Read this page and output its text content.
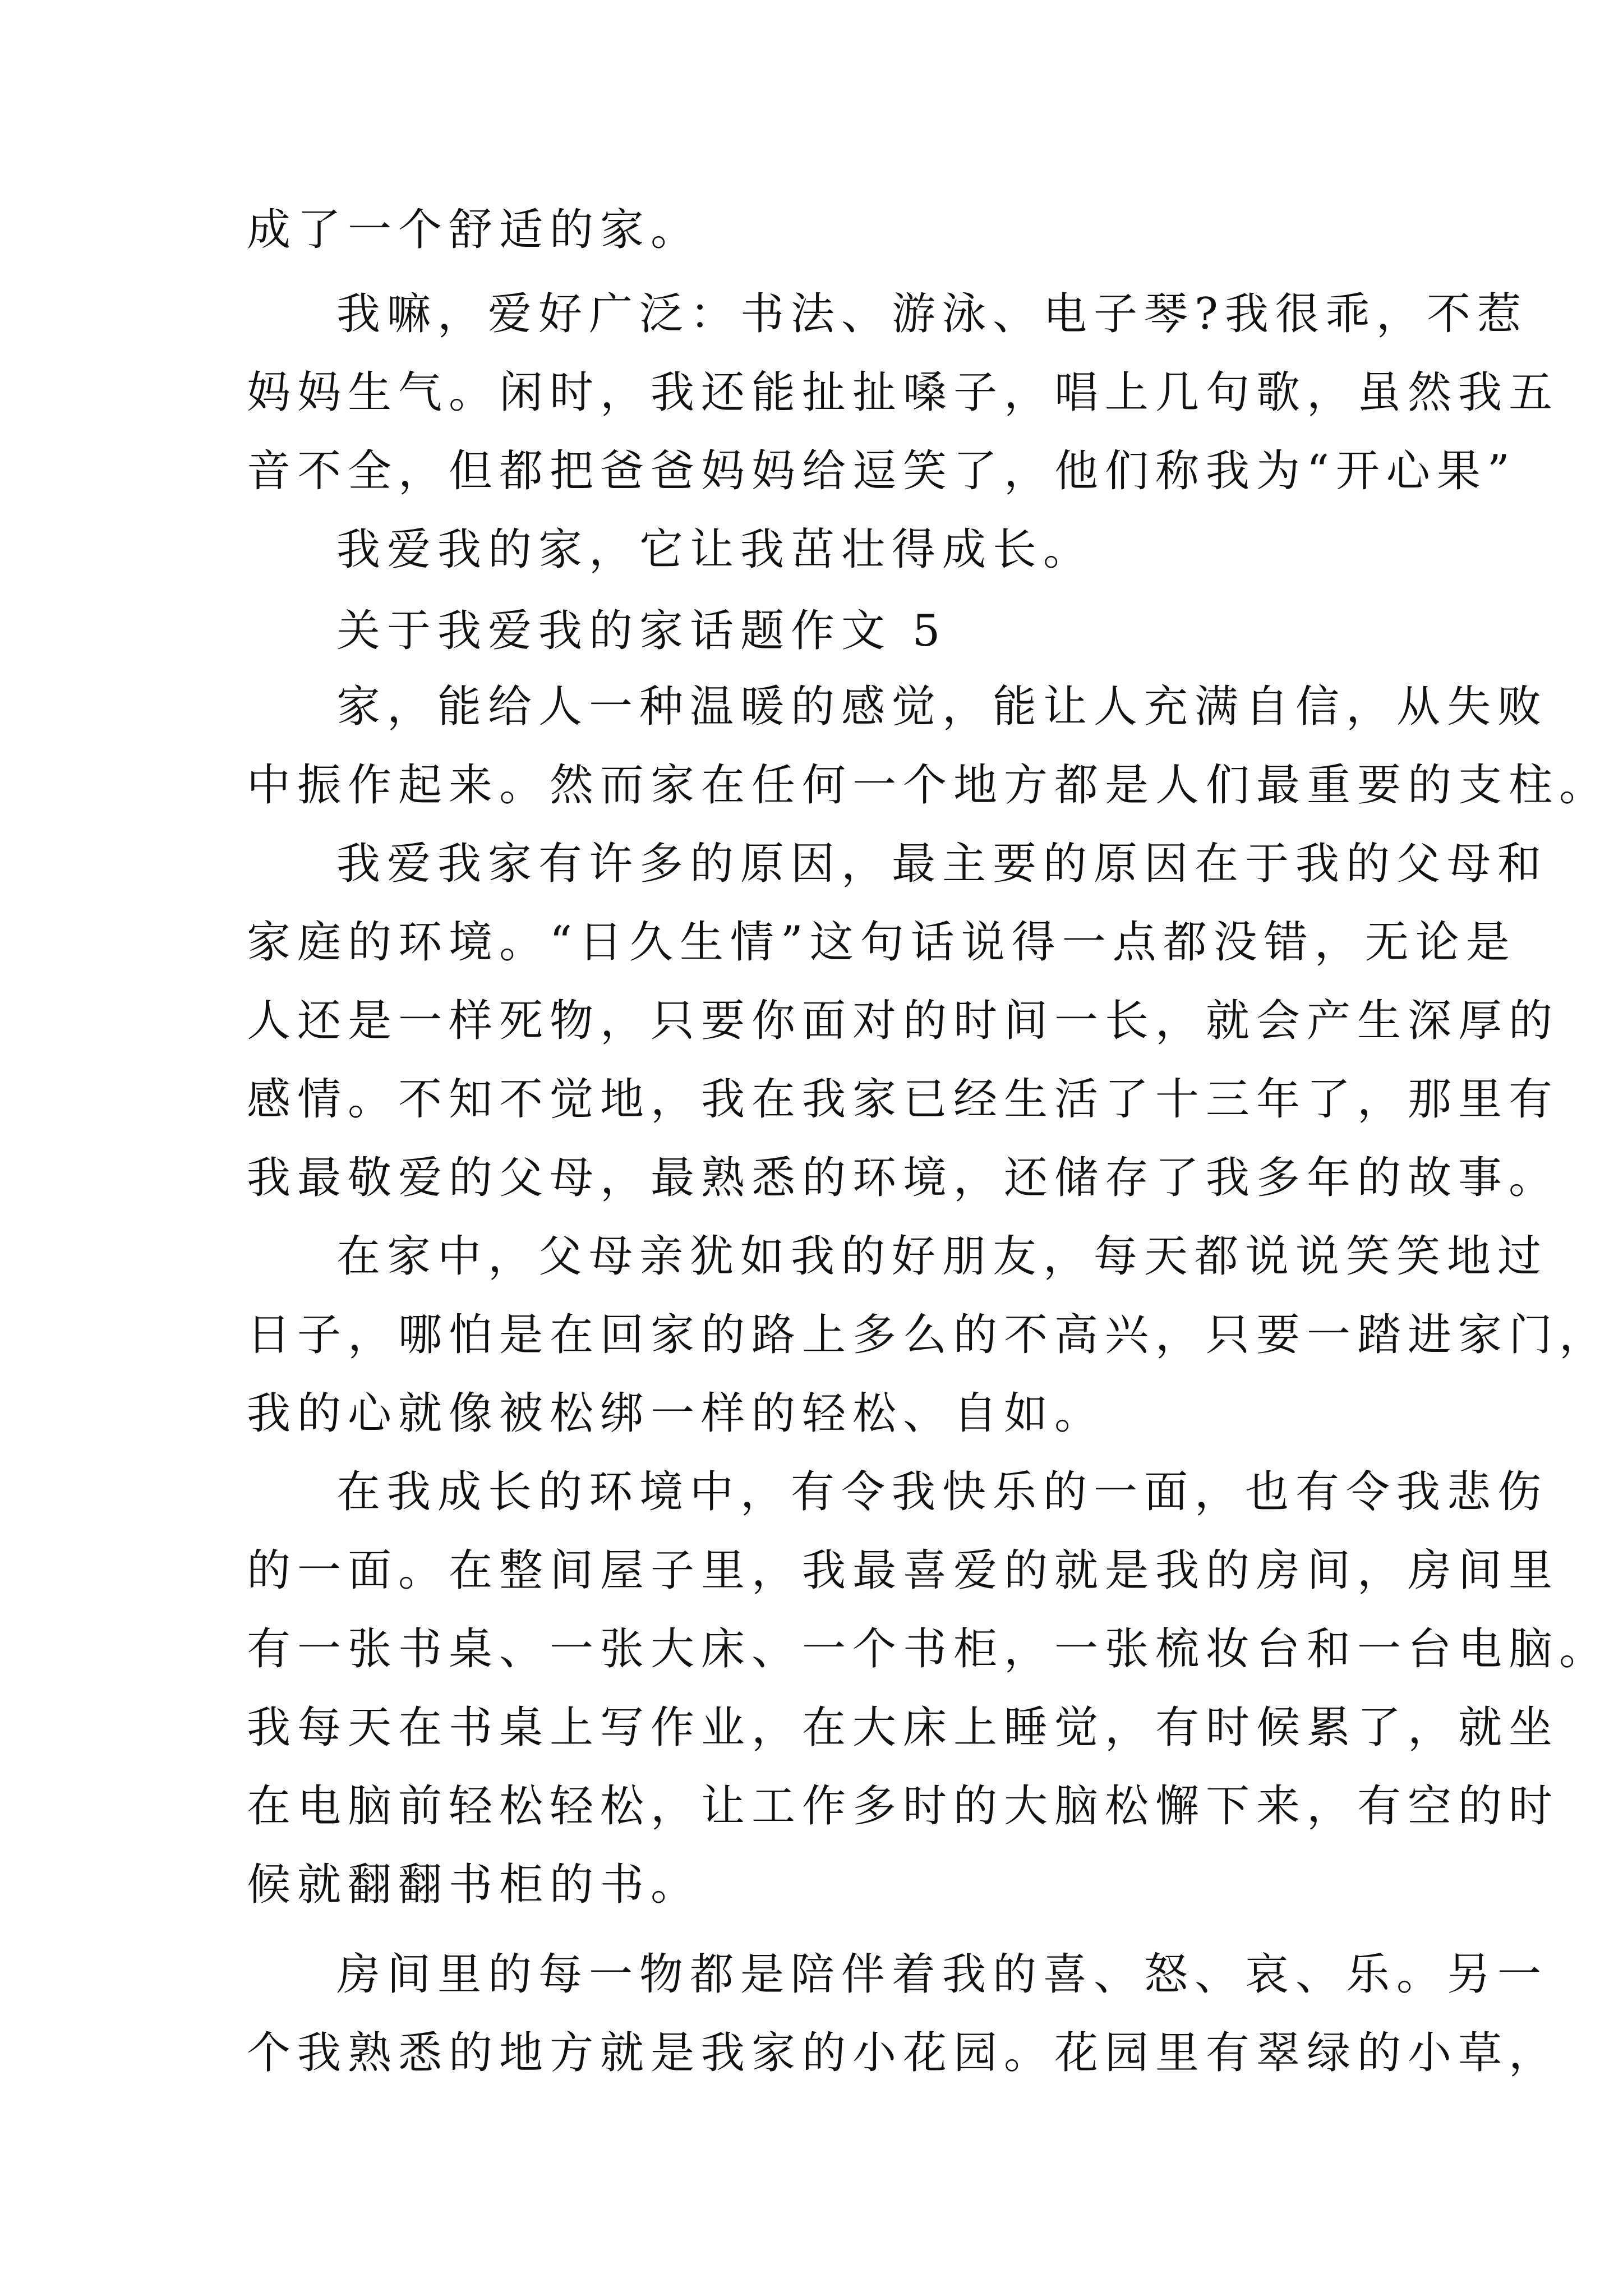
成了一个舒适的家。
我嘛，爱好广泛：书法、游泳、电子琴?我很乖，不惹
妈妈生气。闲时，我还能扯扯嗓子，唱上几句歌，虽然我五
音不全，但都把爸爸妈妈给逗笑了，他们称我为“开心果”
我爱我的家，它让我茁壮得成长。
关于我爱我的家话题作文 5
家，能给人一种温暖的感觉，能让人充满自信，从失败
中振作起来。然而家在任何一个地方都是人们最重要的支柱。
我爱我家有许多的原因，最主要的原因在于我的父母和
家庭的环境。“日久生情”这句话说得一点都没错，无论是
人还是一样死物，只要你面对的时间一长，就会产生深厚的
感情。不知不觉地，我在我家已经生活了十三年了，那里有
我最敬爱的父母，最熟悉的环境，还储存了我多年的故事。
在家中，父母亲犹如我的好朋友，每天都说说笑笑地过
日子，哪怕是在回家的路上多么的不高兴，只要一踏进家门，
我的心就像被松绑一样的轻松、自如。
在我成长的环境中，有令我快乐的一面，也有令我悲伤
的一面。在整间屋子里，我最喜爱的就是我的房间，房间里
有一张书桌、一张大床、一个书柜，一张梳妆台和一台电脑。
我每天在书桌上写作业，在大床上睡觉，有时候累了，就坐
在电脑前轻松轻松，让工作多时的大脑松懈下来，有空的时
候就翻翻书柜的书。
房间里的每一物都是陪伴着我的喜、怒、哀、乐。另一
个我熟悉的地方就是我家的小花园。花园里有翠绿的小草，
